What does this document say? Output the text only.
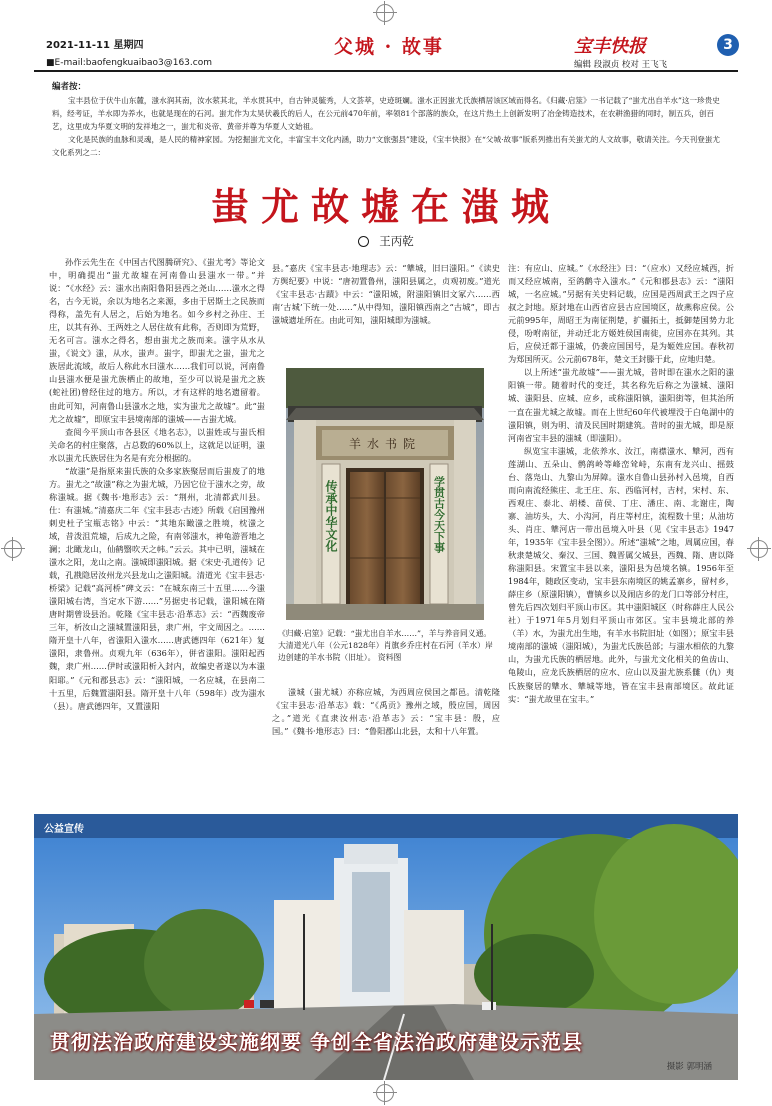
2021-11-11 星期四
■E-mail:baofengkuaibao3@163.com
父城 · 故事	宝丰快报	3
编辑 段淑贞 校对 王飞飞

编者按：

宝丰县位于伏牛山东麓，滍水润其南，汝水萦其北，羊水贯其中，自古钟灵毓秀，人文荟萃，史迹斑斓。滍水正因蚩尤氏族栖居该区域而得名。《归藏·启筮》一书记载了“蚩尤出自羊水”这一珍贵史料，经考证，羊水即为养水，也就是现在的石河。蚩尤作为太昊伏羲氏的后人，在公元前470年前，率领81个部落的族众，在这片热土上创新发明了冶金铸造技术，在农耕渔猎的同时，制五兵，创百艺，这里成为华夏文明的发祥地之一，蚩尤和炎帝、黄帝并尊为华夏人文始祖。

文化是民族的血脉和灵魂，是人民的精神家园。为挖掘蚩尤文化，丰富宝丰文化内涵，助力“文旅强县”建设，《宝丰快报》在“父城·故事”版系列推出有关蚩尤的人文故事，敬请关注。今天刊登蚩尤文化系列之二：

蚩尤故墟在滍城
王丙乾

孙作云先生在《中国古代图腾研究》、《蚩尤考》等论文中，明确提出“蚩尤故墟在河南鲁山县滍水一带。”并说：“《水经》云：滍水出南阳鲁阳县西之尧山……滍水之得名，古今无说，余以为地名之来源，多由于居斯土之民族而得称，盖先有人居之，后始为地名。如今乡村之孙庄、王庄，以其有孙、王两姓之人居住故有此称，否则即为荒野，无名可言。滍水之得名，想由蚩尤之族而来。滍字从水从蚩，《说文》滍，从水，蚩声。蚩字，即蚩尤之蚩，蚩尤之族居此流域，故后人称此水曰滍水……我们可以说，河南鲁山县滍水便是蚩尤族栖止的故地，至少可以说是蚩尤之族(蛇社团)曾经住过的地方。所以，才有这样的地名遗留着。由此可知，河南鲁山县滍水之地，实为蚩尤之故墟”。此“蚩尤之故墟”，即原宝丰县境南部的滍城——古蚩尤城。

查阅今平顶山市各县区《地名志》，以蚩姓或与蚩氏相关命名的村庄聚落，占总数的60%以上，这就足以证明，滍水以蚩尤氏族居住为名是有充分根据的。

“故滍”是指原来蚩氏族的众多家族聚居而后蚩废了的地方。蚩尤之“故滍”称之为蚩尤城，乃因它位于滍水之旁，故称滍城。据《魏书·地形志》云：“荆州，北清都武川县。仕：有滍城。”清嘉庆二年《宝丰县志·古迹》所载《启国豫州刺史杜子宝瓶志铭》中云：“其地东瞰滍之胜境，枕滍之域，昔泼沮荒墟，后成九之险，有南邻滍水，神龟游晋地之澜；北瞰龙山，仙鹤翳吹天之帏。”云云。其中已明，滍城在滍水之阳，龙山之南。滍城即滍阳城。据《宋史·孔道传》记载，孔戡隐居汝州龙兴县龙山之滍阳城。清道光《宝丰县志·桥梁》记载“高河桥”碑文云：“在城东南三十五里……今滍滍阳城右湾，当定水下游……”另据史书记载，滍阳城在隋唐时期曾设县治。乾隆《宝丰县志·沿革志》云：“西魏废帝三年，析汝山之滍城置滍阳县，隶广州，宇文周因之。……隋开皇十八年，省滍阳入滍水……唐武德四年（621年）复滍阳，隶鲁州。贞观九年（636年），併省滍阳。滍阳起西魏，隶广州……伊时或滍阳析入封内，故编史者遂以为本滍阳耶。”《元和郡县志》云：“滍阳城，一名应城，在县南二十五里，后魏置滍阳县。隋开皇十八年（598年）改为滍水（县）。唐武德四年，又置滍阳

县。”嘉庆《宝丰县志·地理志》云：“犨城，旧曰滍阳。”《读史方舆纪要》中说：“唐初置鲁州，滍阳县属之，贞观初废。”道光《宝丰县志·古蹟》中云：“滍阳城，附滍阳镇旧文冢六……西南‘古城’下统一处……”从中得知，滍阳镇西南之“古城”，即古滍城遗址所在。由此可知，滍阳城即为滍城。

羊水书院
传承中华文化	学贯古今天下事
《归藏·启筮》记载：“蚩尤出自羊水……”，羊与养音同义通。大清道光八年（公元1828年）肖旗乡乔庄村在石河（羊水）岸边创建的羊水书院（旧址）。 资料图

滍城（蚩尤城）亦称应城，为西周应侯国之都邑。清乾隆《宝丰县志·沿革志》载：“《禹贡》豫州之域，殷应国，周因之。”道光《直隶汝州志·沿革志》云：“宝丰县：殷，应国。”《魏书·地形志》曰：“鲁阳郡山北县，太和十八年置。

注：有应山、应城。”《水经注》曰：“（应水）又经应城西，折而又经应城南，至鸽鹳寺入滍水。”《元和郡县志》云：“滍阳城，一名应城。”另据有关史料记载，应国是西周武王之四子应叔之封地。原封地在山西省应县古应国境区，故燕称应侯。公元前995年，周昭王为南征荆楚，扩疆拓土，抵御楚国势力北侵，吩咐南征，并动迁北方姬姓侯国南徙，应国亦在其列。其后，应侯迁都于滍城，仍袭应国国号，是为姬姓应国。春秋初为郑国所灭。公元前678年，楚文王封滕于此，应地归楚。

以上所述“蚩尤故墟”——蚩尤城，昔时即在滍水之阳的滍阳镇一带。随着时代的变迁，其名称先后称之为滍城、滍阳城、滍阳县、应城、应乡，或称滍阳镇，滍阳街等，但其治所一直在蚩尤城之故墟。而在上世纪60年代被埋没于白龟湖中的滍阳镇，则为明、清及民国时期建筑。昔时的蚩尤城，即是原河南省宝丰县的滍城（即滍阳）。

纵览宝丰滍城，北依养水、汝江，南襟滍水、犨河，西有莲湖山、五朵山、鹘鸽岭等峰峦耸峙，东南有龙兴山、摇鼓台、落凫山、九黎山为屏障。滍水自鲁山县孙村入邑境，自西而向南流经熊庄、北王庄、东、西临河村，吉村，宋村、东、西观庄、泰北、胡楼、苗侯、丁庄、潘庄、南、北谢庄，陶寨、油坊头，大、小沟河，肖庄等村庄，流程数十里；从油坊头、肖庄、犨河店一带出邑境入叶县（见《宝丰县志》1947年，1935年《宝丰县全图》）。所述“滍城”之地，周属应国，春秋隶楚城父、秦汉、三国、魏晋属父城县，西魏、隋、唐以降称滍阳县。宋置宝丰县以来，滍阳县为邑境名镇。1956年至1984年，随政区变动，宝丰县东南境区的姚孟寨乡，留村乡，薛庄乡（原滍阳镇），曹镇乡以及闹店乡的龙门口等部分村庄，曾先后四次划归平顶山市区。其中滍阳城区（时称薛庄人民公社）于1971年5月划归平顶山市郊区。宝丰县境北部的养（羊）水，为蚩尤出生地，有羊水书院旧址（如图）；原宝丰县境南部的滍城（滍阳城），为蚩尤氏族邑部；与滍水相依的九黎山，为蚩尤氏族的栖居地。此外，与蚩尤文化相关的鱼齿山、龟陵山，应龙氏族栖居的应水、应山以及蚩尤族系雠（仇）夷氏族聚居的犨水、犨城等地，皆在宝丰县南部境区。故此证实：“蚩尤故里在宝丰。”

公益宣传
贯彻法治政府建设实施纲要 争创全省法治政府建设示范县
摄影 郭明涵
